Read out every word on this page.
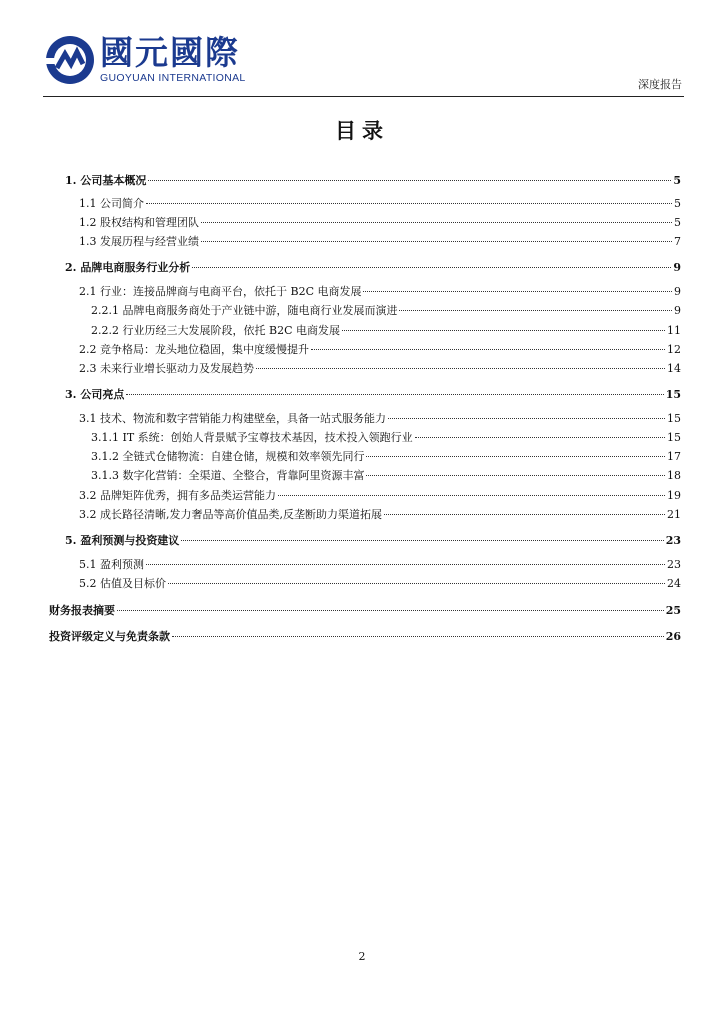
國元國際
GUOYUAN INTERNATIONAL	深度报告
目录
1. 公司基本概况	5
1.1 公司简介	5
1.2 股权结构和管理团队	5
1.3 发展历程与经营业绩	7
2. 品牌电商服务行业分析	9
2.1 行业：连接品牌商与电商平台，依托于 B2C 电商发展	9
2.2.1 品牌电商服务商处于产业链中游，随电商行业发展而演进	9
2.2.2 行业历经三大发展阶段，依托 B2C 电商发展	11
2.2 竞争格局：龙头地位稳固，集中度缓慢提升	12
2.3 未来行业增长驱动力及发展趋势	14
3. 公司亮点	15
3.1 技术、物流和数字营销能力构建壁垒，具备一站式服务能力	15
3.1.1 IT 系统：创始人背景赋予宝尊技术基因，技术投入领跑行业	15
3.1.2 全链式仓储物流：自建仓储，规模和效率领先同行	17
3.1.3 数字化营销：全渠道、全整合，背靠阿里资源丰富	18
3.2 品牌矩阵优秀，拥有多品类运营能力	19
3.2 成长路径清晰,发力奢品等高价值品类,反垄断助力渠道拓展	21
5. 盈利预测与投资建议	23
5.1 盈利预测	23
5.2 估值及目标价	24
财务报表摘要	25
投资评级定义与免责条款	26
2
